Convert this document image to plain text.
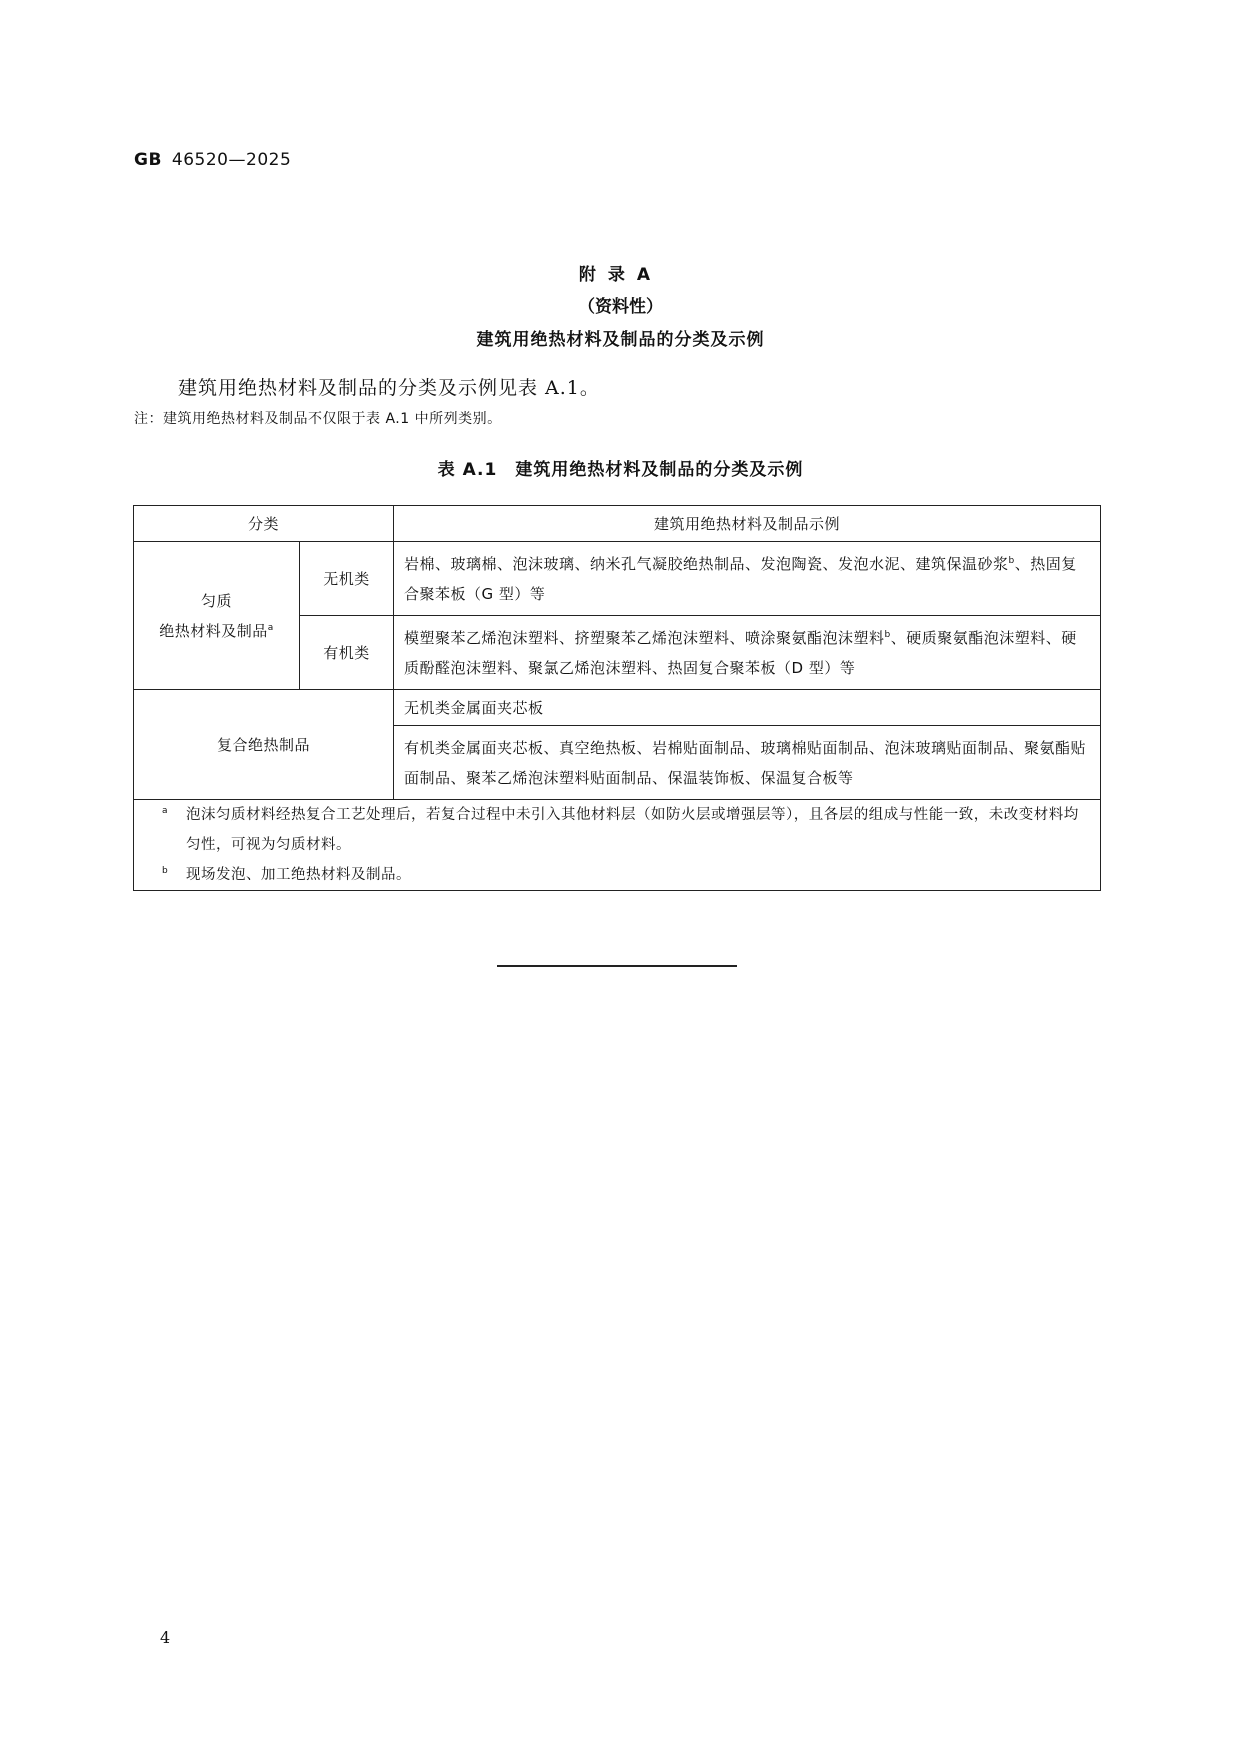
GB 46520—2025
附录A
（资料性）
建筑用绝热材料及制品的分类及示例
建筑用绝热材料及制品的分类及示例见表 A.1。
注：建筑用绝热材料及制品不仅限于表 A.1 中所列类别。
表 A.1 建筑用绝热材料及制品的分类及示例
分类		建筑用绝热材料及制品示例

匀质
绝热材料及制品$^a$	无机类	岩棉、玻璃棉、泡沫玻璃、纳米孔气凝胶绝热制品、发泡陶瓷、发泡水泥、建筑保温砂浆$^b$、热固复合聚苯板（G 型）等
	有机类	模塑聚苯乙烯泡沫塑料、挤塑聚苯乙烯泡沫塑料、喷涂聚氨酯泡沫塑料$^b$、硬质聚氨酯泡沫塑料、硬质酚醛泡沫塑料、聚氯乙烯泡沫塑料、热固复合聚苯板（D 型）等
复合绝热制品		无机类金属面夹芯板
		有机类金属面夹芯板、真空绝热板、岩棉贴面制品、玻璃棉贴面制品、泡沫玻璃贴面制品、聚氨酯贴面制品、聚苯乙烯泡沫塑料贴面制品、保温装饰板、保温复合板等

$^a$ 泡沫匀质材料经热复合工艺处理后，若复合过程中未引入其他材料层（如防火层或增强层等），且各层的组成与性能一致，未改变材料均匀性，可视为匀质材料。
$^b$ 现场发泡、加工绝热材料及制品。		
4
